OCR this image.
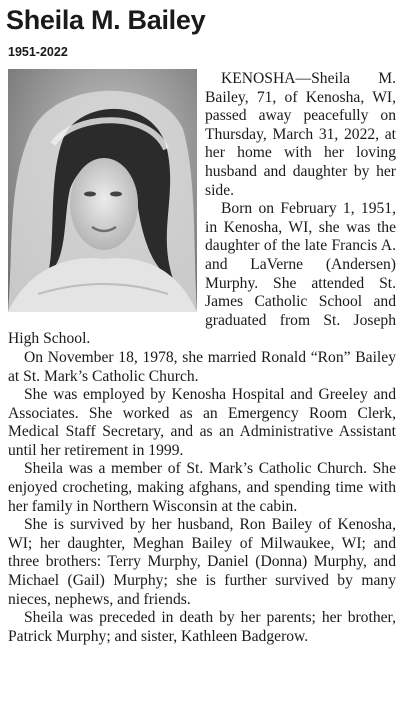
Sheila M. Bailey
1951-2022

KENOSHA—Sheila M. Bailey, 71, of Kenosha, WI, passed away peacefully on Thursday, March 31, 2022, at her home with her loving husband and daughter by her side.

Born on February 1, 1951, in Kenosha, WI, she was the daughter of the late Francis A. and LaVerne (Andersen) Murphy. She attended St. James Catholic School and graduated from St. Joseph High School.

On November 18, 1978, she married Ronald “Ron” Bailey at St. Mark’s Catholic Church.

She was employed by Kenosha Hospital and Greeley and Associates. She worked as an Emergency Room Clerk, Medical Staff Secretary, and as an Administrative Assistant until her retirement in 1999.

Sheila was a member of St. Mark’s Catholic Church. She enjoyed crocheting, making afghans, and spending time with her family in Northern Wisconsin at the cabin.

She is survived by her husband, Ron Bailey of Kenosha, WI; her daughter, Meghan Bailey of Milwaukee, WI; and three brothers: Terry Murphy, Daniel (Donna) Murphy, and Michael (Gail) Murphy; she is further survived by many nieces, nephews, and friends.

Sheila was preceded in death by her parents; her brother, Patrick Murphy; and sister, Kathleen Badgerow.
